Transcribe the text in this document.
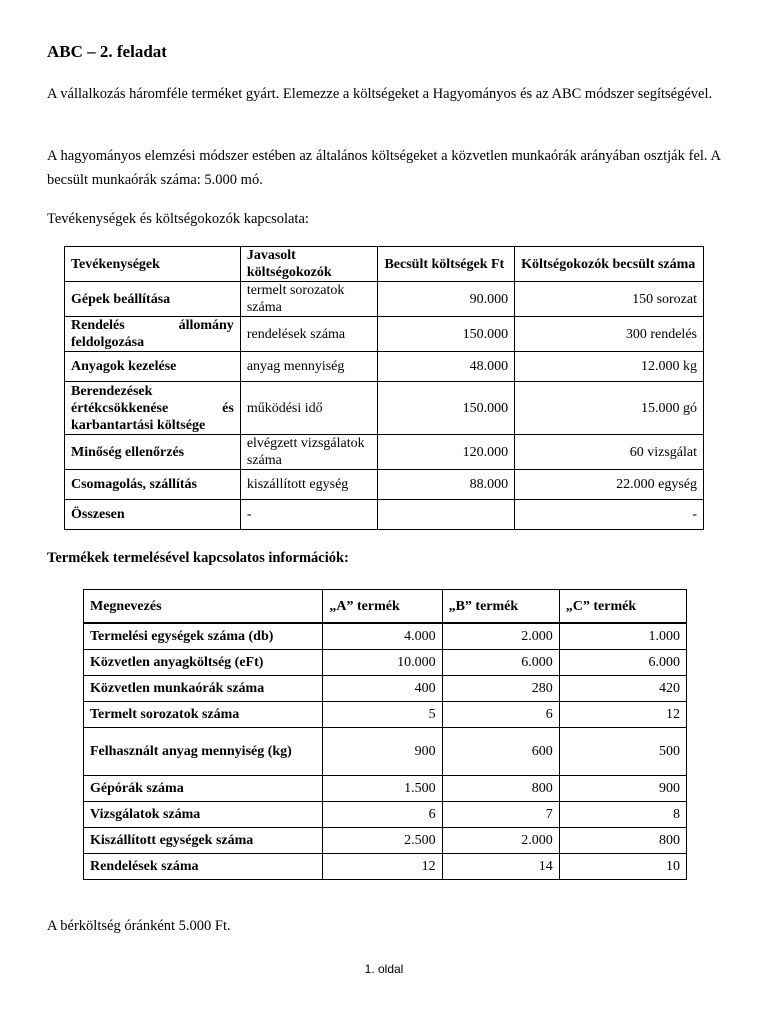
ABC – 2. feladat

A vállalkozás háromféle terméket gyárt. Elemezze a költségeket a Hagyományos és az ABC módszer segítségével.

A hagyományos elemzési módszer estében az általános költségeket a közvetlen munkaórák arányában osztják fel. A becsült munkaórák száma: 5.000 mó.

Tevékenységek és költségokozók kapcsolata:

Termékek termelésével kapcsolatos információk:
A bérköltség óránként 5.000 Ft.
Tevékenységek	Javasolt költségokozók	Becsült költségek Ft	Költségokozók becsült száma
Gépek beállítása	termelt sorozatok száma	90.000	150 sorozat
Rendelés állomány feldolgozása	rendelések száma	150.000	300 rendelés
Anyagok kezelése	anyag mennyiség	48.000	12.000 kg
Berendezések értékcsökkenése és karbantartási költsége	működési idő	150.000	15.000 gó
Minőség ellenőrzés	elvégzett vizsgálatok száma	120.000	60 vizsgálat
Csomagolás, szállítás	kiszállított egység	88.000	22.000 egység
Összesen	-		-
Megnevezés	„A” termék	„B” termék	„C” termék
Termelési egységek száma (db)	4.000	2.000	1.000
Közvetlen anyagköltség (eFt)	10.000	6.000	6.000
Közvetlen munkaórák száma	400	280	420
Termelt sorozatok száma	5	6	12
Felhasznált anyag mennyiség (kg)	900	600	500
Gépórák száma	1.500	800	900
Vizsgálatok száma	6	7	8
Kiszállított egységek száma	2.500	2.000	800
Rendelések száma	12	14	10
1. oldal
